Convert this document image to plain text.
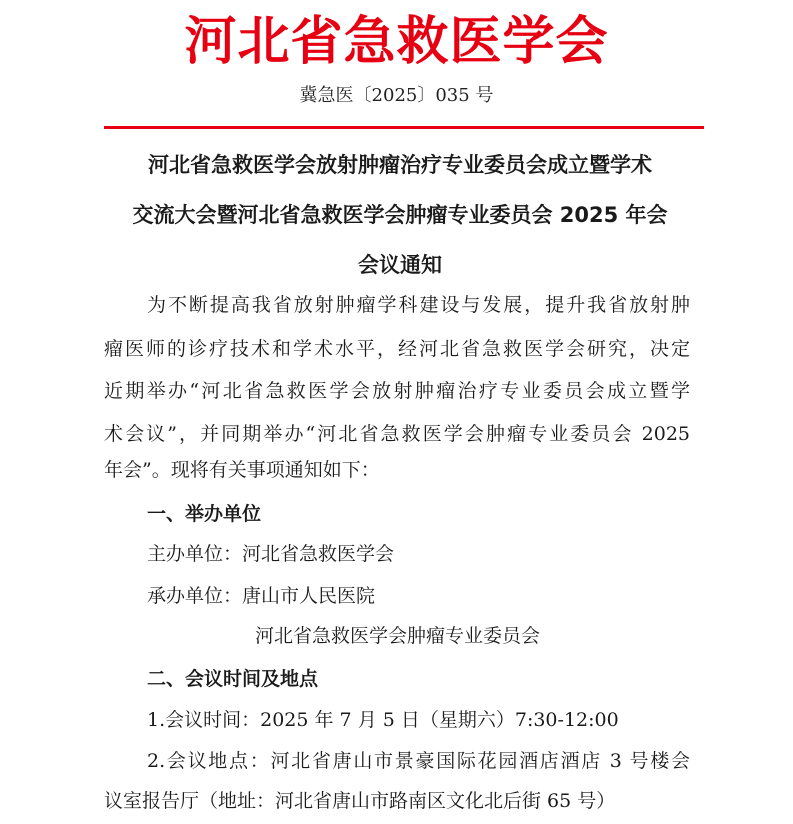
河北省急救医学会
冀急医〔2025〕035 号
河北省急救医学会放射肿瘤治疗专业委员会成立暨学术
交流大会暨河北省急救医学会肿瘤专业委员会 2025 年会
会议通知
为不断提高我省放射肿瘤学科建设与发展，提升我省放射肿
瘤医师的诊疗技术和学术水平，经河北省急救医学会研究，决定
近期举办“河北省急救医学会放射肿瘤治疗专业委员会成立暨学
术会议”，并同期举办“河北省急救医学会肿瘤专业委员会 2025
年会”。现将有关事项通知如下：
一、举办单位
主办单位：河北省急救医学会
承办单位：唐山市人民医院
河北省急救医学会肿瘤专业委员会
二、会议时间及地点
1.会议时间：2025 年 7 月 5 日（星期六）7:30-12:00
2.会议地点：河北省唐山市景豪国际花园酒店酒店 3 号楼会
议室报告厅（地址：河北省唐山市路南区文化北后街 65 号）
